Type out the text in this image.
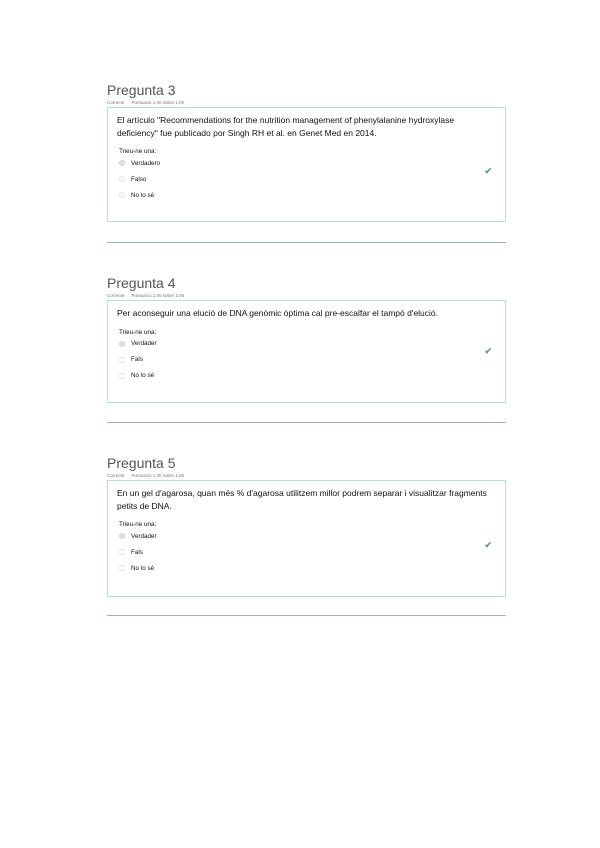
Pregunta 3
Correcte Puntuació 1,00 sobre 1,00
El artículo "Recommendations for the nutrition management of phenylalanine hydroxylase deficiency" fue publicado por Singh RH et al. en Genet Med en 2014.
Trieu-ne una:
Verdadero
Falso
No lo sé
✔
Pregunta 4
Correcte Puntuació 1,00 sobre 1,00
Per aconseguir una elució de DNA genòmic òptima cal pre-escalfar el tampó d'elució.
Trieu-ne una:
Verdader
Fals
No lo sé
✔
Pregunta 5
Correcte Puntuació 1,00 sobre 1,00
En un gel d'agarosa, quan més % d'agarosa utilitzem millor podrem separar i visualitzar fragments petits de DNA.
Trieu-ne una:
Verdader
Fals
No lo sé
✔
